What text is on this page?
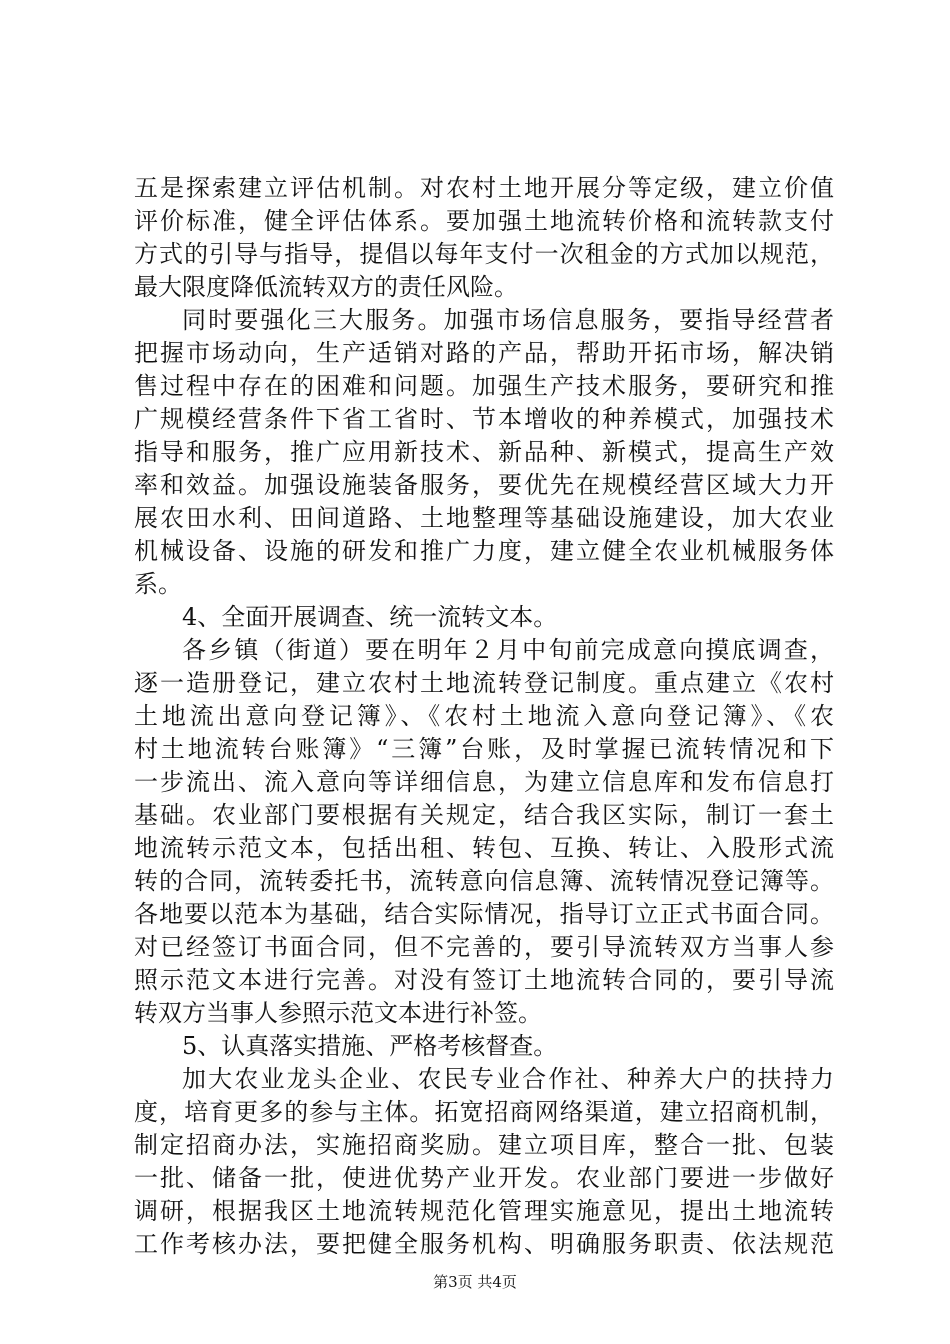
五是探索建立评估机制。对农村土地开展分等定级，建立价值
评价标准，健全评估体系。要加强土地流转价格和流转款支付
方式的引导与指导，提倡以每年支付一次租金的方式加以规范，
最大限度降低流转双方的责任风险。
同时要强化三大服务。加强市场信息服务，要指导经营者
把握市场动向，生产适销对路的产品，帮助开拓市场，解决销
售过程中存在的困难和问题。加强生产技术服务，要研究和推
广规模经营条件下省工省时、节本增收的种养模式，加强技术
指导和服务，推广应用新技术、新品种、新模式，提高生产效
率和效益。加强设施装备服务，要优先在规模经营区域大力开
展农田水利、田间道路、土地整理等基础设施建设，加大农业
机械设备、设施的研发和推广力度，建立健全农业机械服务体
系。
4、全面开展调查、统一流转文本。
各乡镇（街道）要在明年２月中旬前完成意向摸底调查，
逐一造册登记，建立农村土地流转登记制度。重点建立《农村
土地流出意向登记簿》、《农村土地流入意向登记簿》、《农
村土地流转台账簿》“三簿”台账，及时掌握已流转情况和下
一步流出、流入意向等详细信息，为建立信息库和发布信息打
基础。农业部门要根据有关规定，结合我区实际，制订一套土
地流转示范文本，包括出租、转包、互换、转让、入股形式流
转的合同，流转委托书，流转意向信息簿、流转情况登记簿等。
各地要以范本为基础，结合实际情况，指导订立正式书面合同。
对已经签订书面合同，但不完善的，要引导流转双方当事人参
照示范文本进行完善。对没有签订土地流转合同的，要引导流
转双方当事人参照示范文本进行补签。
5、认真落实措施、严格考核督查。
加大农业龙头企业、农民专业合作社、种养大户的扶持力
度，培育更多的参与主体。拓宽招商网络渠道，建立招商机制，
制定招商办法，实施招商奖励。建立项目库，整合一批、包装
一批、储备一批，使进优势产业开发。农业部门要进一步做好
调研，根据我区土地流转规范化管理实施意见，提出土地流转
工作考核办法，要把健全服务机构、明确服务职责、依法规范
第3页 共4页
